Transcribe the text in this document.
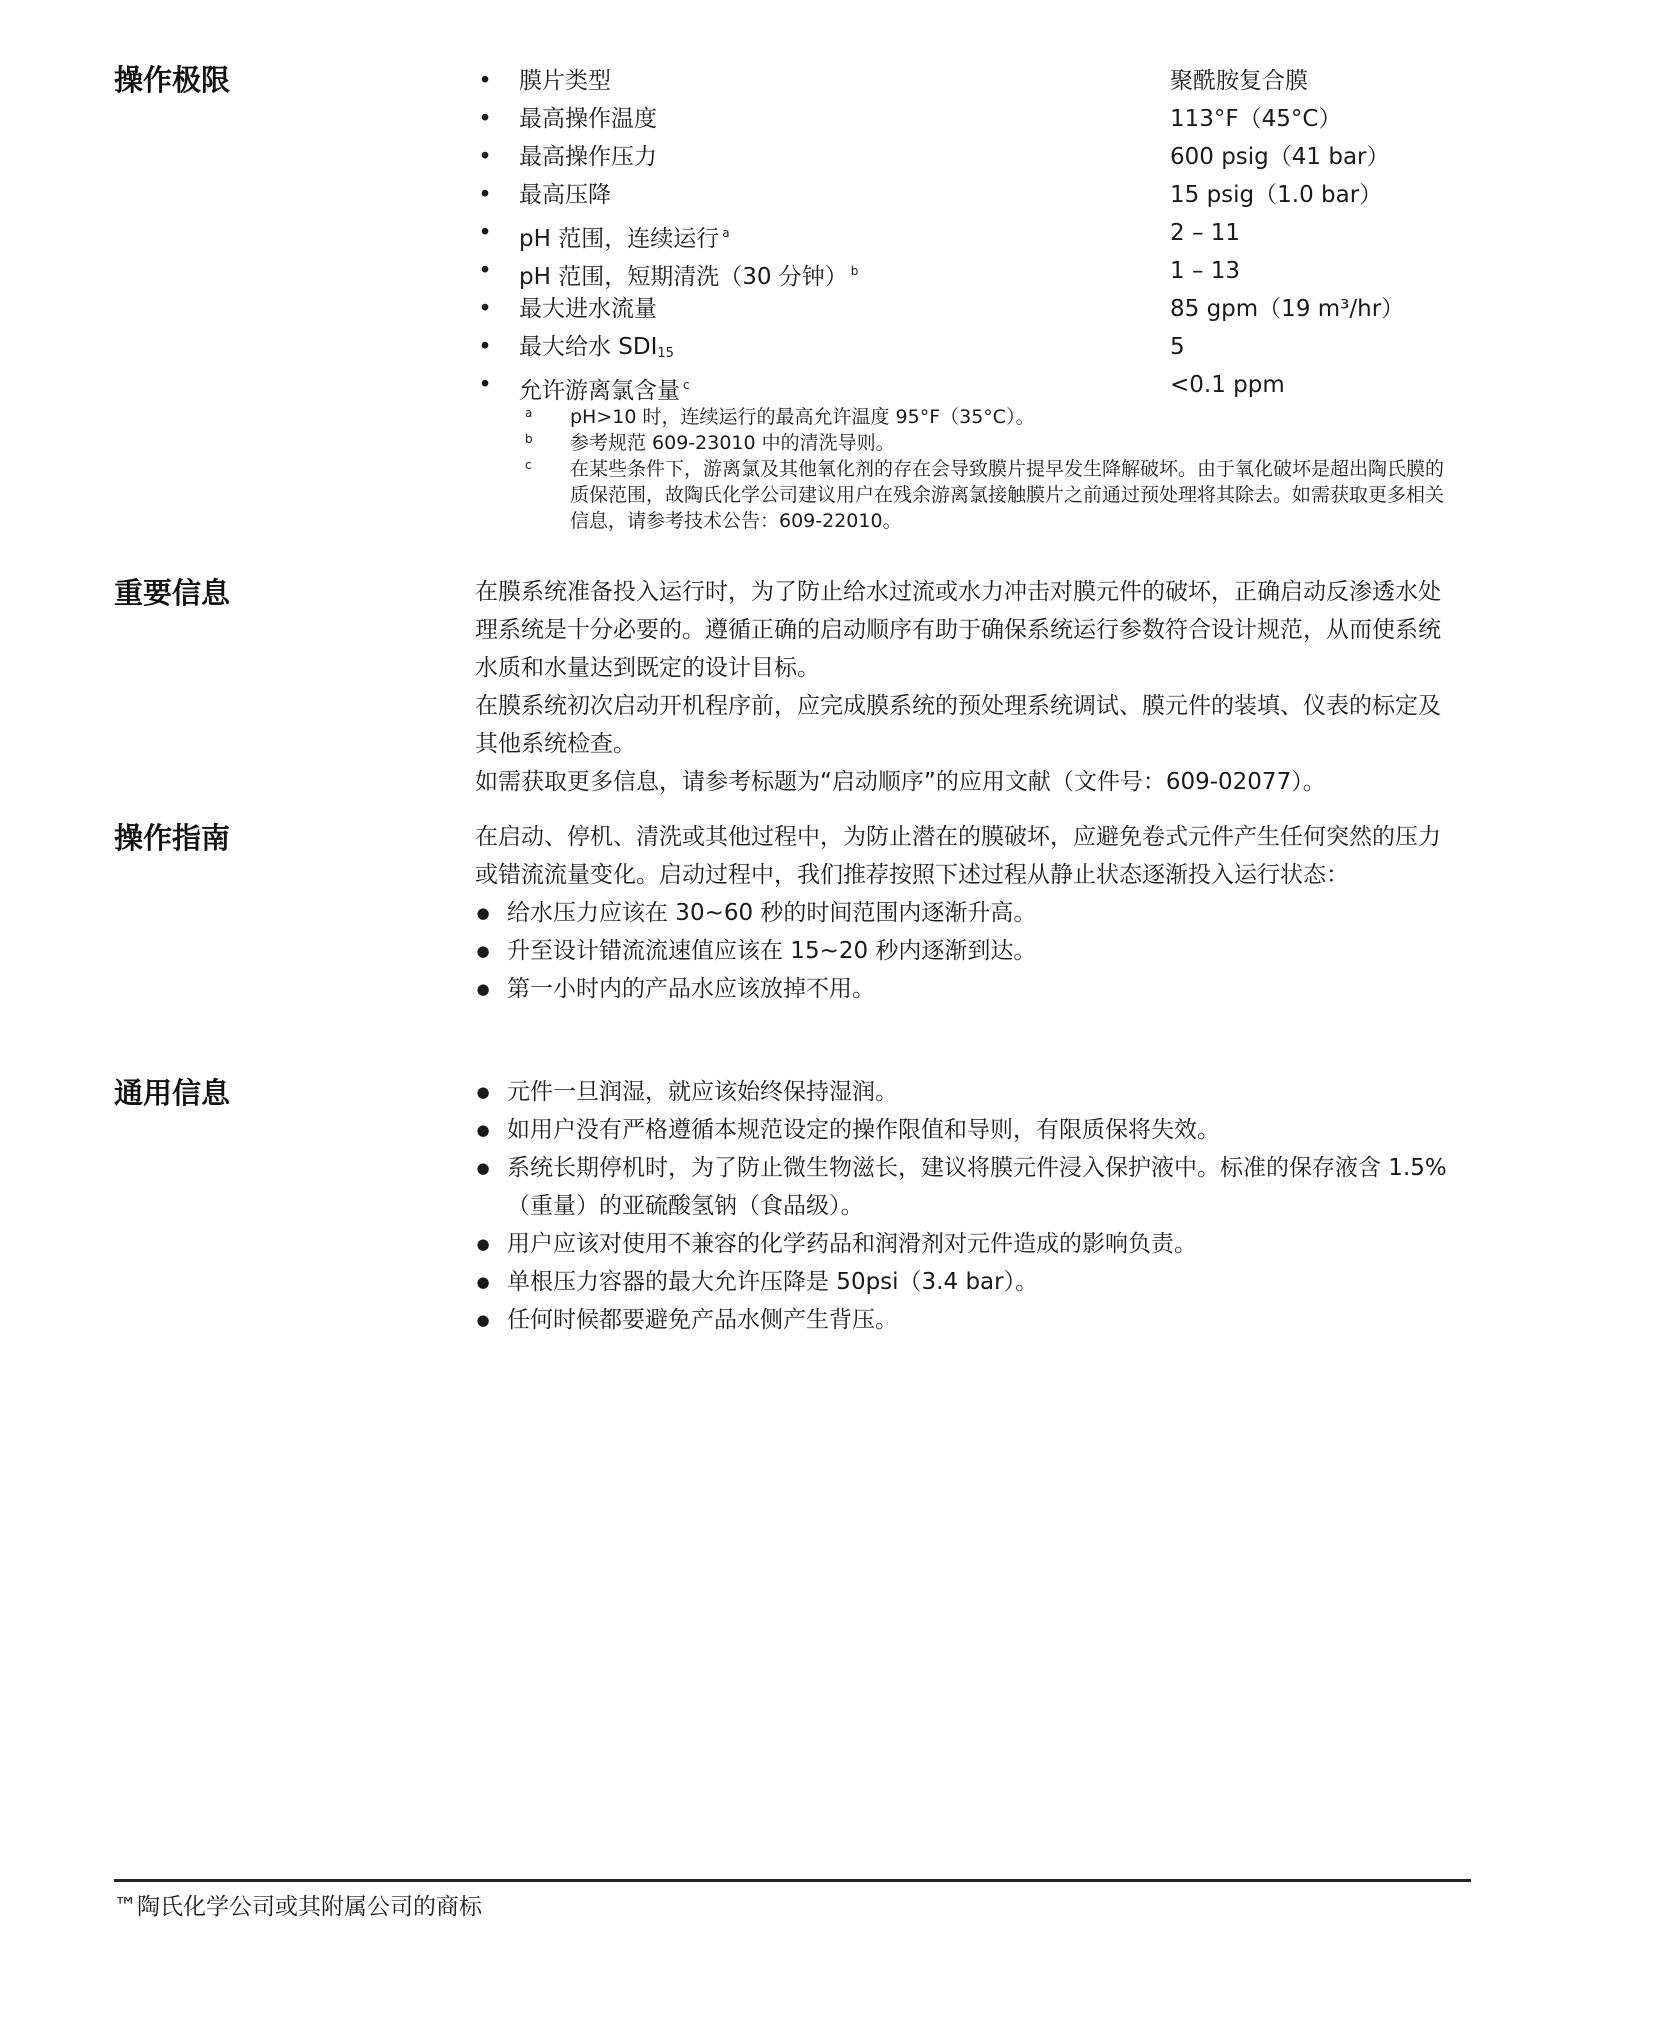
操作极限	• 膜片类型	聚酰胺复合膜
• 最高操作温度	113°F（45°C）
• 最高操作压力	600 psig（41 bar）
• 最高压降	15 psig（1.0 bar）
• pH 范围，连续运行 $^a$	2 – 11
• pH 范围，短期清洗（30 分钟） $^b$	1 – 13
• 最大进水流量	85 gpm（19 m³/hr）
• 最大给水 $SDI_{15}$	5
• 允许游离氯含量 $^c$	<0.1 ppm
a pH>10 时，连续运行的最高允许温度 95°F（35°C）。
b 参考规范 609-23010 中的清洗导则。
c 在某些条件下，游离氯及其他氧化剂的存在会导致膜片提早发生降解破坏。由于氧化破坏是超出陶氏膜的质保范围，故陶氏化学公司建议用户在残余游离氯接触膜片之前通过预处理将其除去。如需获取更多相关信息，请参考技术公告：609-22010。
重要信息	在膜系统准备投入运行时，为了防止给水过流或水力冲击对膜元件的破坏，正确启动反渗透水处理系统是十分必要的。遵循正确的启动顺序有助于确保系统运行参数符合设计规范，从而使系统水质和水量达到既定的设计目标。

在膜系统初次启动开机程序前，应完成膜系统的预处理系统调试、膜元件的装填、仪表的标定及其他系统检查。

如需获取更多信息，请参考标题为“启动顺序”的应用文献（文件号：609-02077）。

操作指南	在启动、停机、清洗或其他过程中，为防止潜在的膜破坏，应避免卷式元件产生任何突然的压力或错流流量变化。启动过程中，我们推荐按照下述过程从静止状态逐渐投入运行状态：

● 给水压力应该在 30~60 秒的时间范围内逐渐升高。
● 升至设计错流流速值应该在 15~20 秒内逐渐到达。
● 第一小时内的产品水应该放掉不用。
通用信息	● 元件一旦润湿，就应该始终保持湿润。
● 如用户没有严格遵循本规范设定的操作限值和导则，有限质保将失效。
● 系统长期停机时，为了防止微生物滋长，建议将膜元件浸入保护液中。标准的保存液含 1.5%（重量）的亚硫酸氢钠（食品级）。
● 用户应该对使用不兼容的化学药品和润滑剂对元件造成的影响负责。
● 单根压力容器的最大允许压降是 50psi（3.4 bar）。
● 任何时候都要避免产品水侧产生背压。
™陶氏化学公司或其附属公司的商标
